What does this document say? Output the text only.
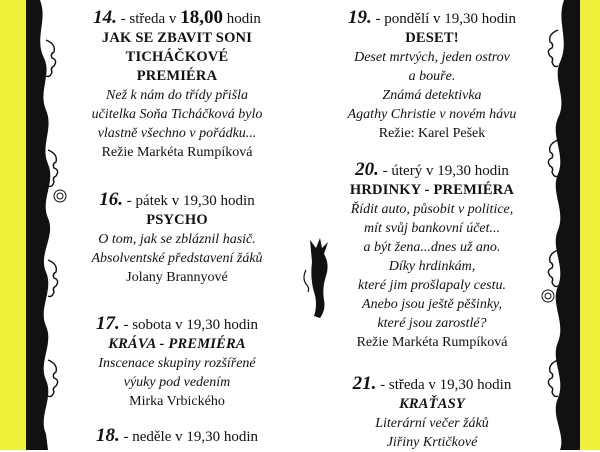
14. - středa v 18,00 hodin
JAK SE ZBAVIT SONI
TICHÁČKOVÉ
PREMIÉRA
Než k nám do třídy přišla
učitelka Soňa Ticháčková bylo
vlastně všechno v pořádku...
Režie Markéta Rumpíková
16. - pátek v 19,30 hodin
PSYCHO
O tom, jak se zbláznil hasič.
Absolventské představení žáků
Jolany Brannyové
17. - sobota v 19,30 hodin
KRÁVA - PREMIÉRA
Inscenace skupiny rozšířené
výuky pod vedením
Mirka Vrbického
18. - neděle v 19,30 hodin
19. - pondělí v 19,30 hodin
DESET!
Deset mrtvých, jeden ostrov
a bouře.
Známá detektivka
Agathy Christie v novém hávu
Režie: Karel Pešek
20. - úterý v 19,30 hodin
HRDINKY - PREMIÉRA
Řídit auto, působit v politice,
mít svůj bankovní účet...
a být žena...dnes už ano.
Díky hrdinkám,
které jim prošlapaly cestu.
Anebo jsou ještě pěšinky,
které jsou zarostlé?
Režie Markéta Rumpíková
21. - středa v 19,30 hodin
KRAŤASY
Literární večer žáků
Jiřiny Krtičkové
